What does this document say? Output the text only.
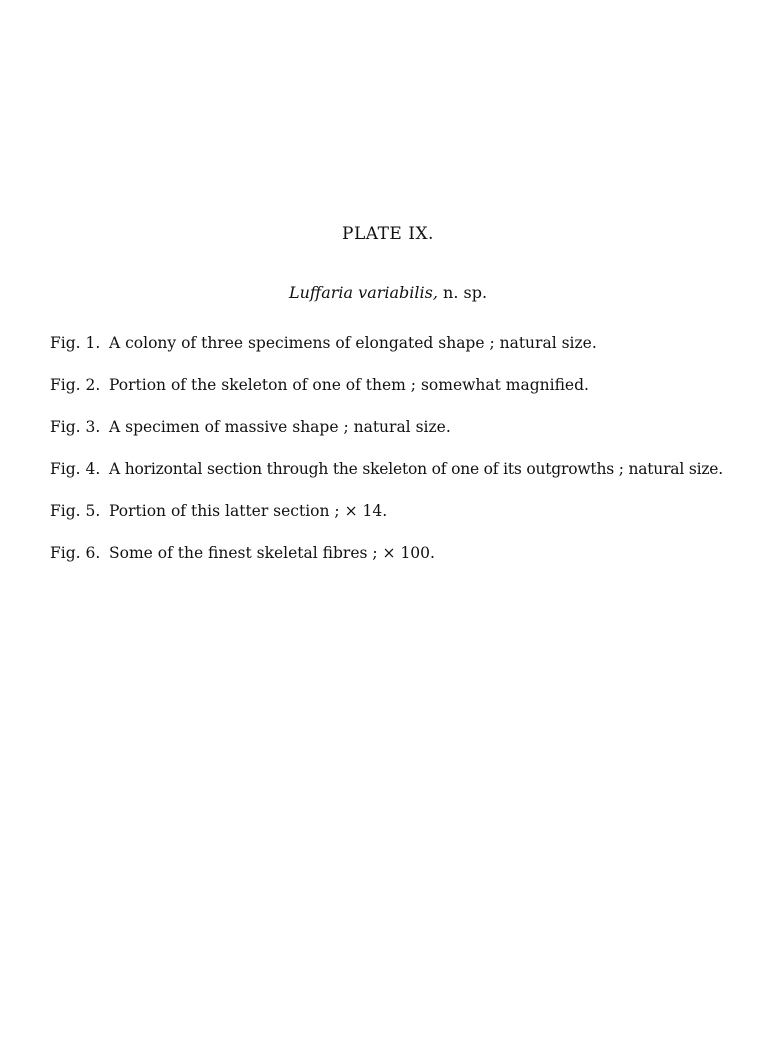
PLATE IX.
Luffaria variabilis, n. sp.
Fig. 1. A colony of three specimens of elongated shape ; natural size.
Fig. 2. Portion of the skeleton of one of them ; somewhat magnified.
Fig. 3. A specimen of massive shape ; natural size.
Fig. 4. A horizontal section through the skeleton of one of its outgrowths ; natural size.
Fig. 5. Portion of this latter section ; × 14.
Fig. 6. Some of the finest skeletal fibres ; × 100.
